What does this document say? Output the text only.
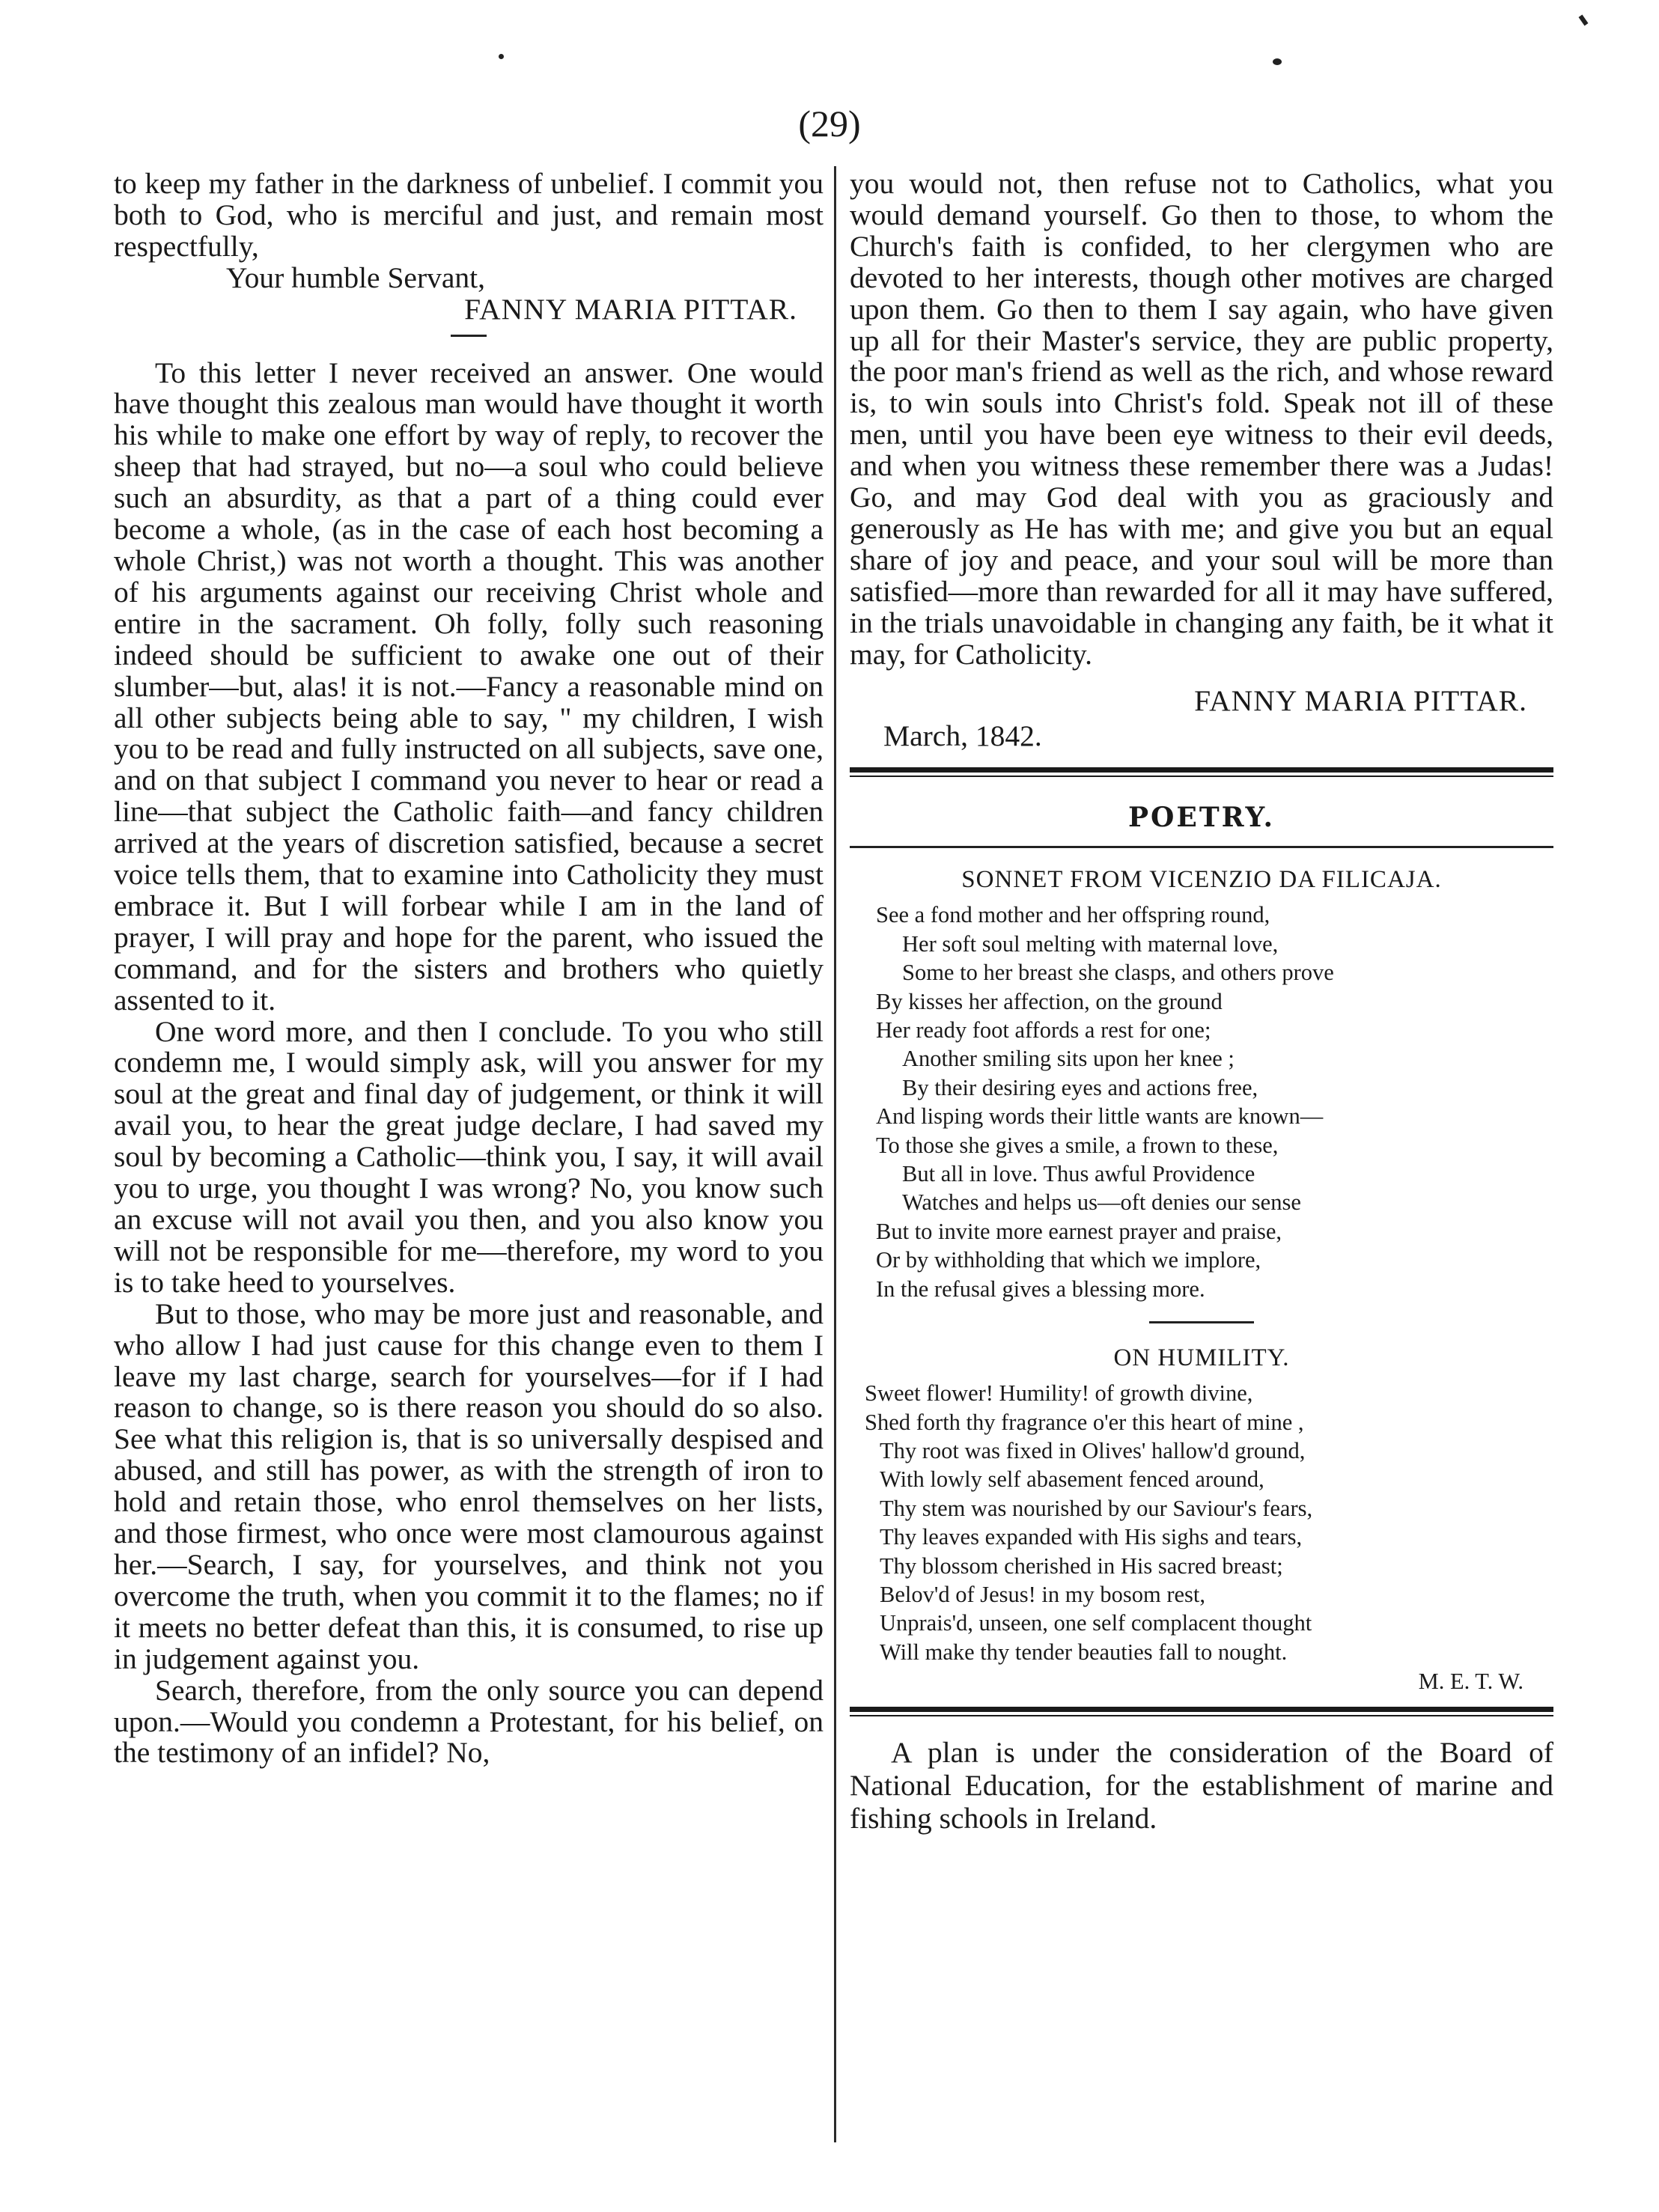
(29)

to keep my father in the darkness of unbelief. I commit you both to God, who is merciful and just, and remain most respectfully,

Your humble Servant,
FANNY MARIA PITTAR.

To this letter I never received an answer. One would have thought this zealous man would have thought it worth his while to make one effort by way of reply, to recover the sheep that had strayed, but no—a soul who could believe such an absurdity, as that a part of a thing could ever become a whole, (as in the case of each host becoming a whole Christ,) was not worth a thought. This was another of his arguments against our receiving Christ whole and entire in the sacrament. Oh folly, folly such reasoning indeed should be sufficient to awake one out of their slumber—but, alas! it is not.—Fancy a reasonable mind on all other subjects being able to say, " my children, I wish you to be read and fully instructed on all subjects, save one, and on that subject I command you never to hear or read a line—that subject the Catholic faith—and fancy children arrived at the years of discretion satisfied, because a secret voice tells them, that to examine into Catholicity they must embrace it. But I will forbear while I am in the land of prayer, I will pray and hope for the parent, who issued the command, and for the sisters and brothers who quietly assented to it.

One word more, and then I conclude. To you who still condemn me, I would simply ask, will you answer for my soul at the great and final day of judgement, or think it will avail you, to hear the great judge declare, I had saved my soul by becoming a Catholic—think you, I say, it will avail you to urge, you thought I was wrong? No, you know such an excuse will not avail you then, and you also know you will not be responsible for me—therefore, my word to you is to take heed to yourselves.

But to those, who may be more just and reasonable, and who allow I had just cause for this change even to them I leave my last charge, search for yourselves—for if I had reason to change, so is there reason you should do so also. See what this religion is, that is so universally despised and abused, and still has power, as with the strength of iron to hold and retain those, who enrol themselves on her lists, and those firmest, who once were most clamourous against her.—Search, I say, for yourselves, and think not you overcome the truth, when you commit it to the flames; no if it meets no better defeat than this, it is consumed, to rise up in judgement against you.

Search, therefore, from the only source you can depend upon.—Would you condemn a Protestant, for his belief, on the testimony of an infidel? No,

you would not, then refuse not to Catholics, what you would demand yourself. Go then to those, to whom the Church's faith is confided, to her clergymen who are devoted to her interests, though other motives are charged upon them. Go then to them I say again, who have given up all for their Master's service, they are public property, the poor man's friend as well as the rich, and whose reward is, to win souls into Christ's fold. Speak not ill of these men, until you have been eye witness to their evil deeds, and when you witness these remember there was a Judas! Go, and may God deal with you as graciously and generously as He has with me; and give you but an equal share of joy and peace, and your soul will be more than satisfied—more than rewarded for all it may have suffered, in the trials unavoidable in changing any faith, be it what it may, for Catholicity.

FANNY MARIA PITTAR.
March, 1842.
POETRY.
SONNET FROM VICENZIO DA FILICAJA.
See a fond mother and her offspring round,
Her soft soul melting with maternal love,
Some to her breast she clasps, and others prove
By kisses her affection, on the ground
Her ready foot affords a rest for one;
Another smiling sits upon her knee ;
By their desiring eyes and actions free,
And lisping words their little wants are known—
To those she gives a smile, a frown to these,
But all in love. Thus awful Providence
Watches and helps us—oft denies our sense
But to invite more earnest prayer and praise,
Or by withholding that which we implore,
In the refusal gives a blessing more.
ON HUMILITY.
Sweet flower! Humility! of growth divine,
Shed forth thy fragrance o'er this heart of mine ,
Thy root was fixed in Olives' hallow'd ground,
With lowly self abasement fenced around,
Thy stem was nourished by our Saviour's fears,
Thy leaves expanded with His sighs and tears,
Thy blossom cherished in His sacred breast;
Belov'd of Jesus! in my bosom rest,
Unprais'd, unseen, one self complacent thought
Will make thy tender beauties fall to nought.
M. E. T. W.

A plan is under the consideration of the Board of National Education, for the establishment of marine and fishing schools in Ireland.
